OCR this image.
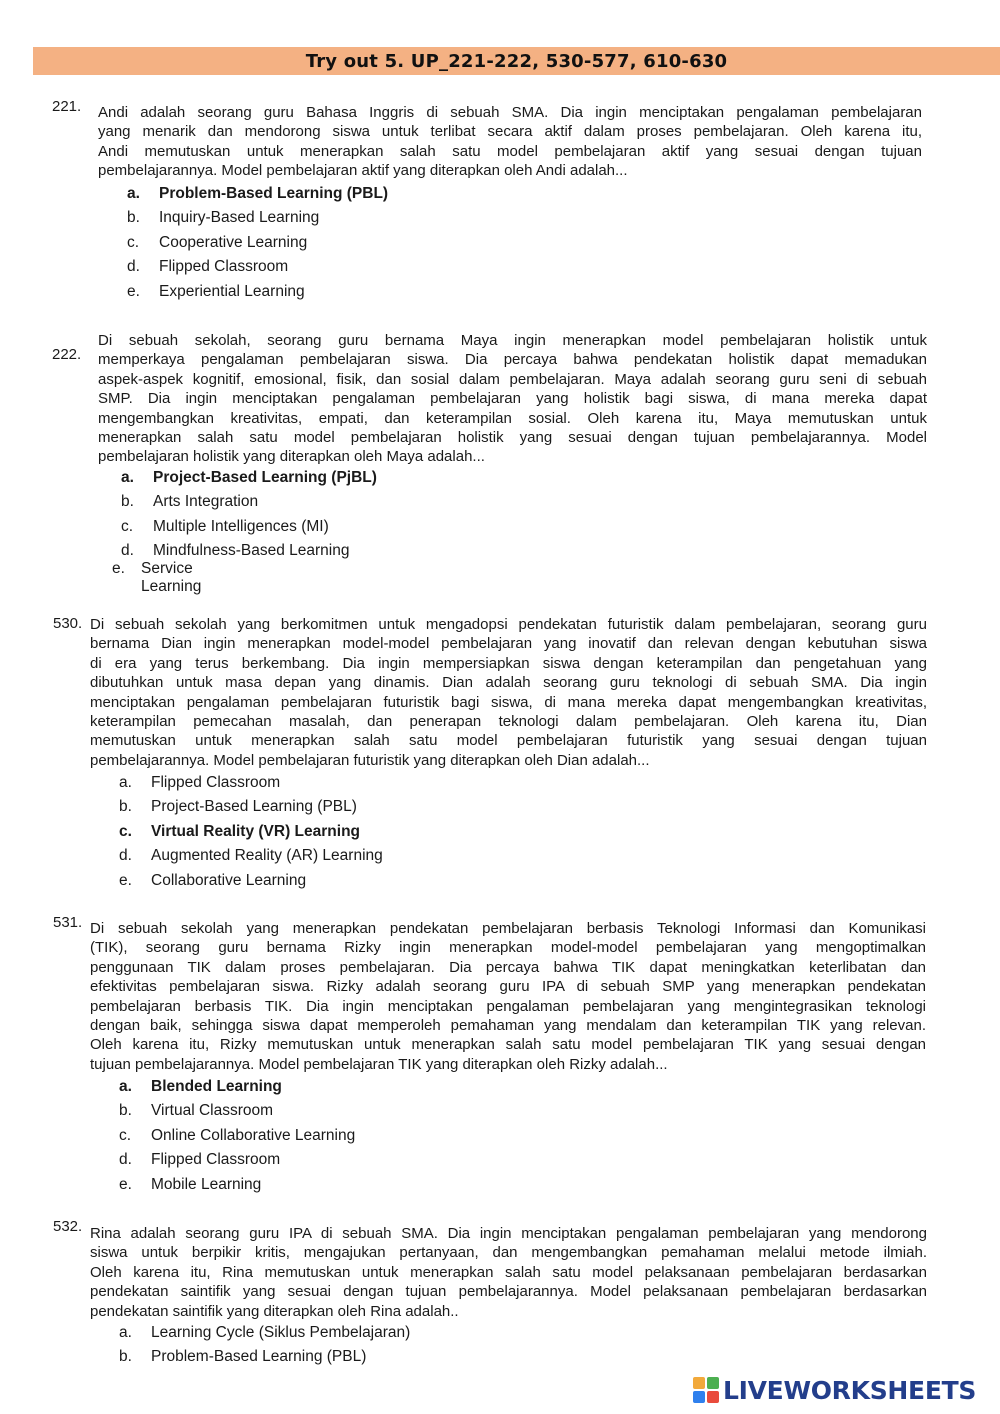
Try out 5. UP_221-222, 530-577, 610-630
221. Andi adalah seorang guru Bahasa Inggris di sebuah SMA. Dia ingin menciptakan pengalaman pembelajaran
yang menarik dan mendorong siswa untuk terlibat secara aktif dalam proses pembelajaran. Oleh karena itu,
Andi memutuskan untuk menerapkan salah satu model pembelajaran aktif yang sesuai dengan tujuan
pembelajarannya. Model pembelajaran aktif yang diterapkan oleh Andi adalah...
a. Problem-Based Learning (PBL)
b. Inquiry-Based Learning
c. Cooperative Learning
d. Flipped Classroom
e. Experiential Learning
222.
Di sebuah sekolah, seorang guru bernama Maya ingin menerapkan model pembelajaran holistik untuk
memperkaya pengalaman pembelajaran siswa. Dia percaya bahwa pendekatan holistik dapat memadukan
aspek-aspek kognitif, emosional, fisik, dan sosial dalam pembelajaran. Maya adalah seorang guru seni di sebuah
SMP. Dia ingin menciptakan pengalaman pembelajaran yang holistik bagi siswa, di mana mereka dapat
mengembangkan kreativitas, empati, dan keterampilan sosial. Oleh karena itu, Maya memutuskan untuk
menerapkan salah satu model pembelajaran holistik yang sesuai dengan tujuan pembelajarannya. Model
pembelajaran holistik yang diterapkan oleh Maya adalah...
a. Project-Based Learning (PjBL)
b. Arts Integration
c. Multiple Intelligences (MI)
d. Mindfulness-Based Learning
e. Service
Learning
530. Di sebuah sekolah yang berkomitmen untuk mengadopsi pendekatan futuristik dalam pembelajaran, seorang guru
bernama Dian ingin menerapkan model-model pembelajaran yang inovatif dan relevan dengan kebutuhan siswa
di era yang terus berkembang. Dia ingin mempersiapkan siswa dengan keterampilan dan pengetahuan yang
dibutuhkan untuk masa depan yang dinamis. Dian adalah seorang guru teknologi di sebuah SMA. Dia ingin
menciptakan pengalaman pembelajaran futuristik bagi siswa, di mana mereka dapat mengembangkan kreativitas,
keterampilan pemecahan masalah, dan penerapan teknologi dalam pembelajaran. Oleh karena itu, Dian
memutuskan untuk menerapkan salah satu model pembelajaran futuristik yang sesuai dengan tujuan
pembelajarannya. Model pembelajaran futuristik yang diterapkan oleh Dian adalah...
a. Flipped Classroom
b. Project-Based Learning (PBL)
c. Virtual Reality (VR) Learning
d. Augmented Reality (AR) Learning
e. Collaborative Learning
531. Di sebuah sekolah yang menerapkan pendekatan pembelajaran berbasis Teknologi Informasi dan Komunikasi
(TIK), seorang guru bernama Rizky ingin menerapkan model-model pembelajaran yang mengoptimalkan
penggunaan TIK dalam proses pembelajaran. Dia percaya bahwa TIK dapat meningkatkan keterlibatan dan
efektivitas pembelajaran siswa. Rizky adalah seorang guru IPA di sebuah SMP yang menerapkan pendekatan
pembelajaran berbasis TIK. Dia ingin menciptakan pengalaman pembelajaran yang mengintegrasikan teknologi
dengan baik, sehingga siswa dapat memperoleh pemahaman yang mendalam dan keterampilan TIK yang relevan.
Oleh karena itu, Rizky memutuskan untuk menerapkan salah satu model pembelajaran TIK yang sesuai dengan
tujuan pembelajarannya. Model pembelajaran TIK yang diterapkan oleh Rizky adalah...
a. Blended Learning
b. Virtual Classroom
c. Online Collaborative Learning
d. Flipped Classroom
e. Mobile Learning
532. Rina adalah seorang guru IPA di sebuah SMA. Dia ingin menciptakan pengalaman pembelajaran yang mendorong
siswa untuk berpikir kritis, mengajukan pertanyaan, dan mengembangkan pemahaman melalui metode ilmiah.
Oleh karena itu, Rina memutuskan untuk menerapkan salah satu model pelaksanaan pembelajaran berdasarkan
pendekatan saintifik yang sesuai dengan tujuan pembelajarannya. Model pelaksanaan pembelajaran berdasarkan
pendekatan saintifik yang diterapkan oleh Rina adalah..
a. Learning Cycle (Siklus Pembelajaran)
b. Problem-Based Learning (PBL)
LIVEWORKSHEETS
